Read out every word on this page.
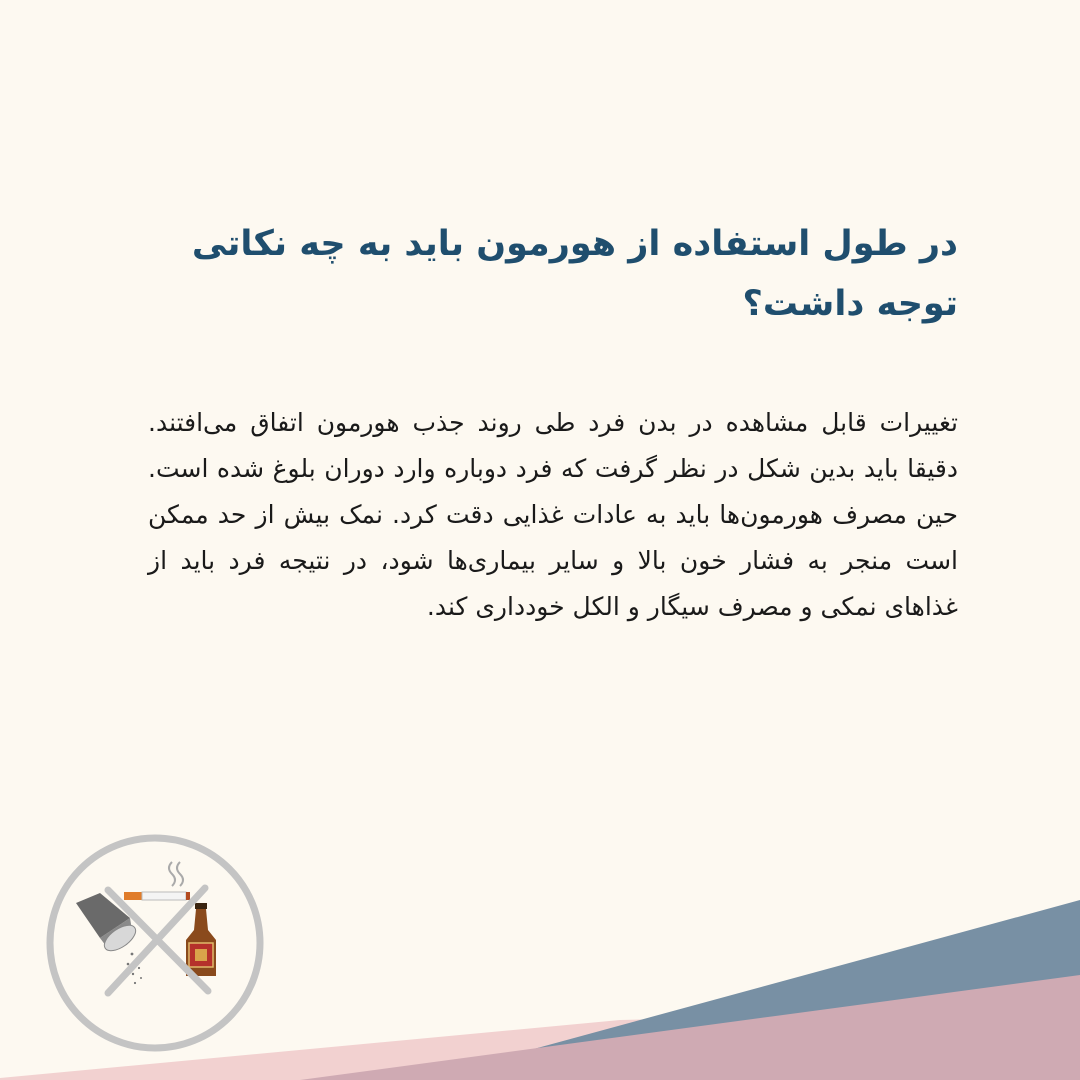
در طول استفاده از هورمون باید به چه نکاتی توجه داشت؟

تغییرات قابل مشاهده در بدن فرد طی روند جذب هورمون اتفاق می‌افتند. دقیقا باید بدین شکل در نظر گرفت که فرد دوباره وارد دوران بلوغ شده است. حین مصرف هورمون‌ها باید به عادات غذایی دقت کرد. نمک بیش از حد ممکن است منجر به فشار خون بالا و سایر بیماری‌ها شود، در نتیجه فرد باید از غذاهای نمکی و مصرف سیگار و الکل خودداری کند.
